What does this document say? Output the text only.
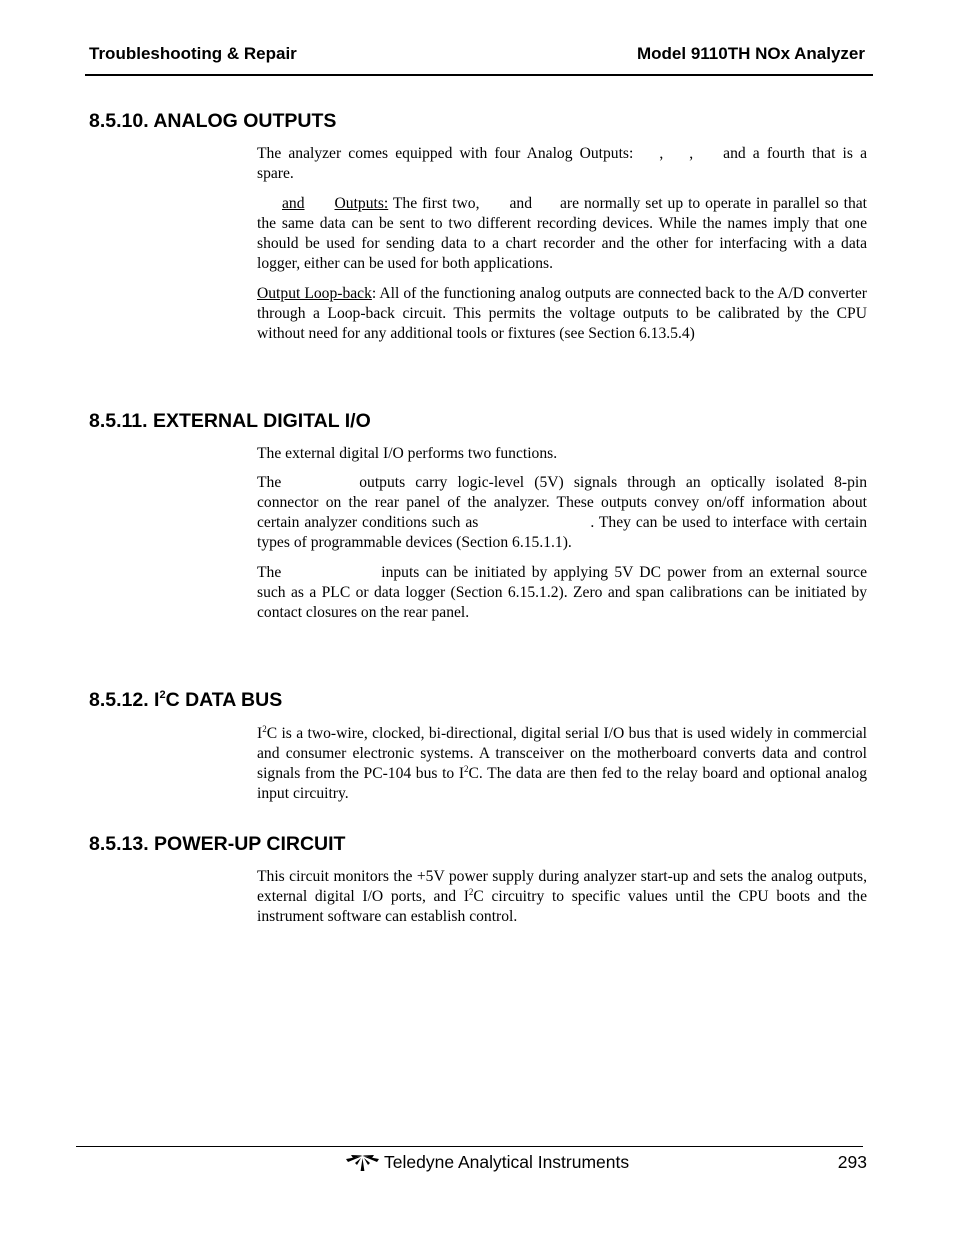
Troubleshooting & Repair	Model 9110TH NOx Analyzer
8.5.10. ANALOG OUTPUTS

The analyzer comes equipped with four Analog Outputs: , , and a fourth that is a spare.

and Outputs: The first two, and are normally set up to operate in parallel so that the same data can be sent to two different recording devices. While the names imply that one should be used for sending data to a chart recorder and the other for interfacing with a data logger, either can be used for both applications.

Output Loop-back: All of the functioning analog outputs are connected back to the A/D converter through a Loop-back circuit. This permits the voltage outputs to be calibrated by the CPU without need for any additional tools or fixtures (see Section 6.13.5.4)

8.5.11. EXTERNAL DIGITAL I/O

The external digital I/O performs two functions.

The	outputs carry logic-level (5V) signals through an optically isolated 8-pin connector on the rear panel of the analyzer. These outputs convey on/off information about certain analyzer conditions such as	. They can be used to interface with certain types of programmable devices (Section 6.15.1.1).

The	inputs can be initiated by applying 5V DC power from an external source such as a PLC or data logger (Section 6.15.1.2). Zero and span calibrations can be initiated by contact closures on the rear panel.

8.5.12. $I^2C$ DATA BUS

$I^2C$ is a two-wire, clocked, bi-directional, digital serial I/O bus that is used widely in commercial and consumer electronic systems. A transceiver on the motherboard converts data and control signals from the PC-104 bus to $I^2C$. The data are then fed to the relay board and optional analog input circuitry.

8.5.13. POWER-UP CIRCUIT

This circuit monitors the +5V power supply during analyzer start-up and sets the analog outputs, external digital I/O ports, and $I^2C$ circuitry to specific values until the CPU boots and the instrument software can establish control.

Teledyne Analytical Instruments	293
